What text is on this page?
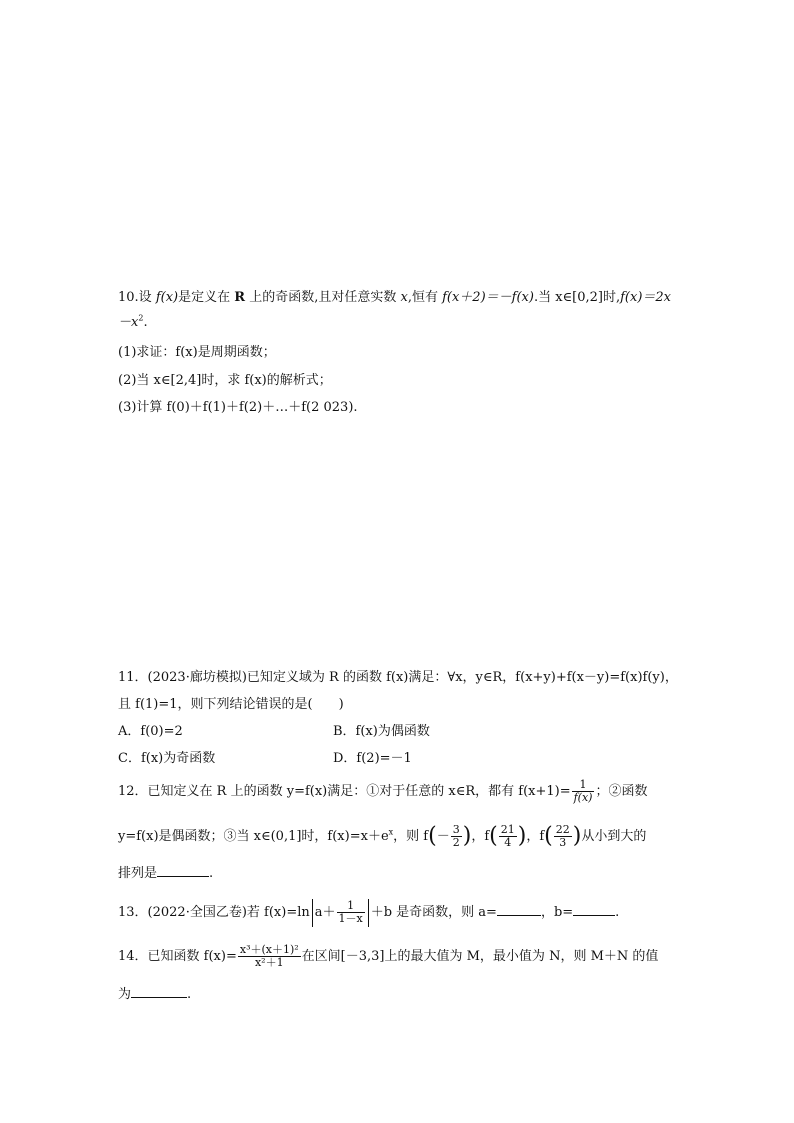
10.设 f(x)是定义在 R 上的奇函数,且对任意实数 x,恒有 f(x＋2)＝－f(x).当 x∈[0,2]时,f(x)＝2x
$-x^2$.
(1)求证：f(x)是周期函数；
(2)当 x∈[2,4]时，求 f(x)的解析式；
(3)计算 f(0)＋f(1)＋f(2)＋…＋f(2 023).
11．(2023·廊坊模拟)已知定义域为 R 的函数 f(x)满足：∀x，y∈R，f(x+y)+f(x－y)=f(x)f(y)，
且 f(1)=1，则下列结论错误的是(　　)
A．f(0)=2	B．f(x)为偶函数
C．f(x)为奇函数	D．f(2)=－1
12．已知定义在 R 上的函数 y=f(x)满足：①对于任意的 x∈R，都有 $f(x+1)= \frac{1}{f(x)}$ ；②函数
y=f(x)是偶函数；③当 x∈(0,1]时，$f(x)=x+e^x$，则 $f(- \frac{3}{2}$ )，$f( \frac{21}{4}$ )，$f( \frac{22}{3}$ )从小到大的
排列是	.
13．(2022·全国乙卷)若 f(x)=ln $a+ \frac{1}{1-x} +b$ 是奇函数，则 a=	，b=	.
14．已知函数 $f(x)= \frac{\text{x³＋(x＋1)²}}{\text{x²＋1}}$ 在区间[－3,3]上的最大值为 M，最小值为 N，则 M＋N 的值
为	.
